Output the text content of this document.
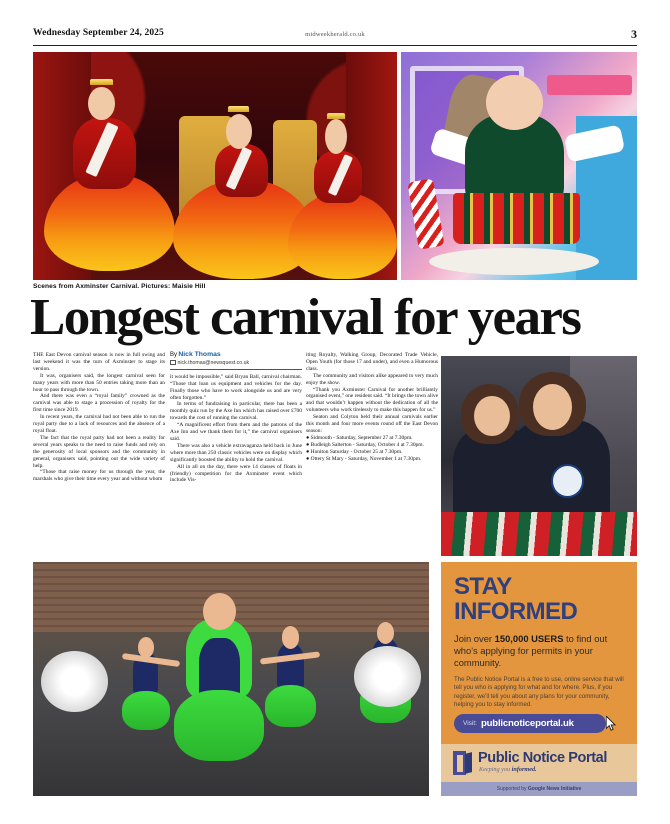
Wednesday September 24, 2025	midweekherald.co.uk	3
Scenes from Axminster Carnival. Pictures: Maisie Hill
Longest carnival for years

THE East Devon carnival season is now in full swing and last weekend it was the turn of Axminster to stage its version.

It was, organisers said, the longest carnival seen for many years with more than 50 entries taking more than an hour to pass through the town.

And there was even a “royal family” crowned as the carnival was able to stage a procession of royalty for the first time since 2019.

In recent years, the carnival had not been able to run the royal party due to a lack of resources and the absence of a royal float.

The fact that the royal party had not been a reality for several years speaks to the need to raise funds and rely on the generosity of local sponsors and the community in general, organisers said, pointing out the wide variety of help.

“Those that raise money for us through the year, the marshals who give their time every year and without whom

By Nick Thomas
nick.thomas@newsquest.co.uk

it would be impossible,” said Bryan Ball, carnival chairman. “Those that loan us equipment and vehicles for the day. Finally those who have to work alongside us and are very often forgotten.”

In terms of fundraising in particular, there has been a monthly quiz run by the Axe Inn which has raised over £700 towards the cost of running the carnival.

“A magnificent effort from them and the patrons of the Axe Inn and we thank them for it,” the carnival organisers said.

There was also a vehicle extravaganza held back in June where more than 250 classic vehicles were on display which significantly boosted the ability to hold the carnival.

All in all on the day, there were 14 classes of floats in (friendly) competition for the Axminster event which include Vis-

iting Royalty, Walking Group, Decorated Trade Vehicle, Open Youth (for those 17 and under), and even a Humorous class.

The community and visitors alike appeared to very much enjoy the show.

“Thank you Axminster Carnival for another brilliantly organised event,” one resident said. “It brings the town alive and that wouldn’t happen without the dedication of all the volunteers who work tirelessly to make this happen for us.”

Seaton and Colyton held their annual carnivals earlier this month and four more events round off the East Devon season:

● Sidmouth - Saturday, September 27 at 7.30pm.

● Budleigh Salterton - Saturday, October 4 at 7.30pm.

● Honiton Saturday - October 25 at 7.30pm.

● Ottery St Mary - Saturday, November 1 at 7.30pm.

STAY
INFORMED
Join over 150,000 USERS to find out who's applying for permits in your community.
The Public Notice Portal is a free to use, online service that will tell you who is applying for what and for where. Plus, if you register, we'll tell you about any plans for your community, helping you to stay informed.
Visit: publicnoticeportal.uk
Public Notice Portal
Keeping you informed.
Supported by Google News Initiative
